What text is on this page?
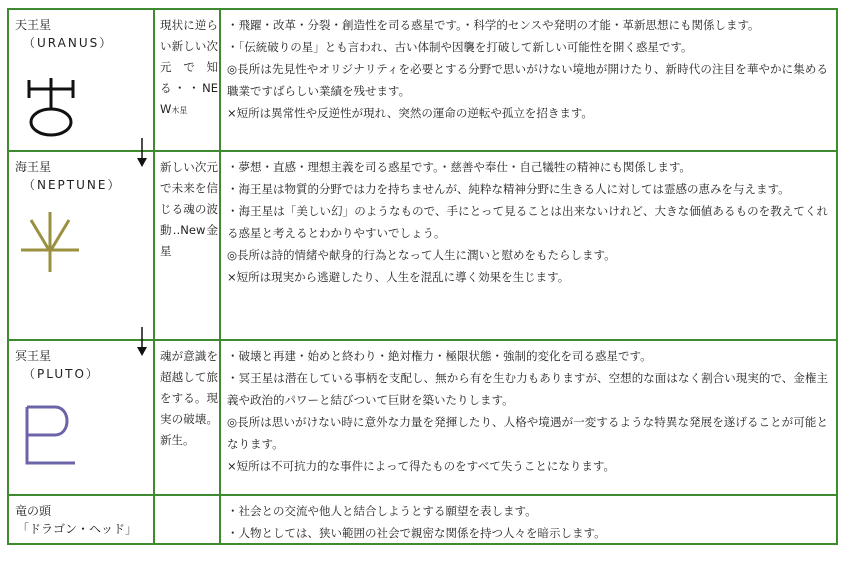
天王星
（URANUS）
現状に逆らい新しい次元で知る・・NEW木星

・飛躍・改革・分裂・創造性を司る惑星です。・科学的センスや発明の才能・革新思想にも関係します。

・「伝統破りの星」とも言われ、古い体制や因襲を打破して新しい可能性を開く惑星です。

◎長所は先見性やオリジナリティを必要とする分野で思いがけない境地が開けたり、新時代の注目を華やかに集める職業ですばらしい業績を残せます。

×短所は異常性や反逆性が現れ、突然の運命の逆転や孤立を招きます。

海王星
（NEPTUNE）
新しい次元で未来を信じる魂の波動‥New金星

・夢想・直感・理想主義を司る惑星です。・慈善や奉仕・自己犠牲の精神にも関係します。

・海王星は物質的分野では力を持ちませんが、純粋な精神分野に生きる人に対しては霊感の恵みを与えます。

・海王星は「美しい幻」のようなもので、手にとって見ることは出来ないけれど、大きな価値あるものを教えてくれる惑星と考えるとわかりやすいでしょう。

◎長所は詩的情緒や献身的行為となって人生に潤いと慰めをもたらします。

×短所は現実から逃避したり、人生を混乱に導く効果を生じます。

冥王星
（PLUTO）
魂が意識を超越して旅をする。現実の破壊。新生。

・破壊と再建・始めと終わり・絶対権力・極限状態・強制的変化を司る惑星です。

・冥王星は潜在している事柄を支配し、無から有を生む力もありますが、空想的な面はなく割合い現実的で、金権主義や政治的パワーと結びついて巨財を築いたりします。

◎長所は思いがけない時に意外な力量を発揮したり、人格や境遇が一変するような特異な発展を遂げることが可能となります。

×短所は不可抗力的な事件によって得たものをすべて失うことになります。

竜の頭
「ドラゴン・ヘッド」

・社会との交流や他人と結合しようとする願望を表します。

・人物としては、狭い範囲の社会で親密な関係を持つ人々を暗示します。
